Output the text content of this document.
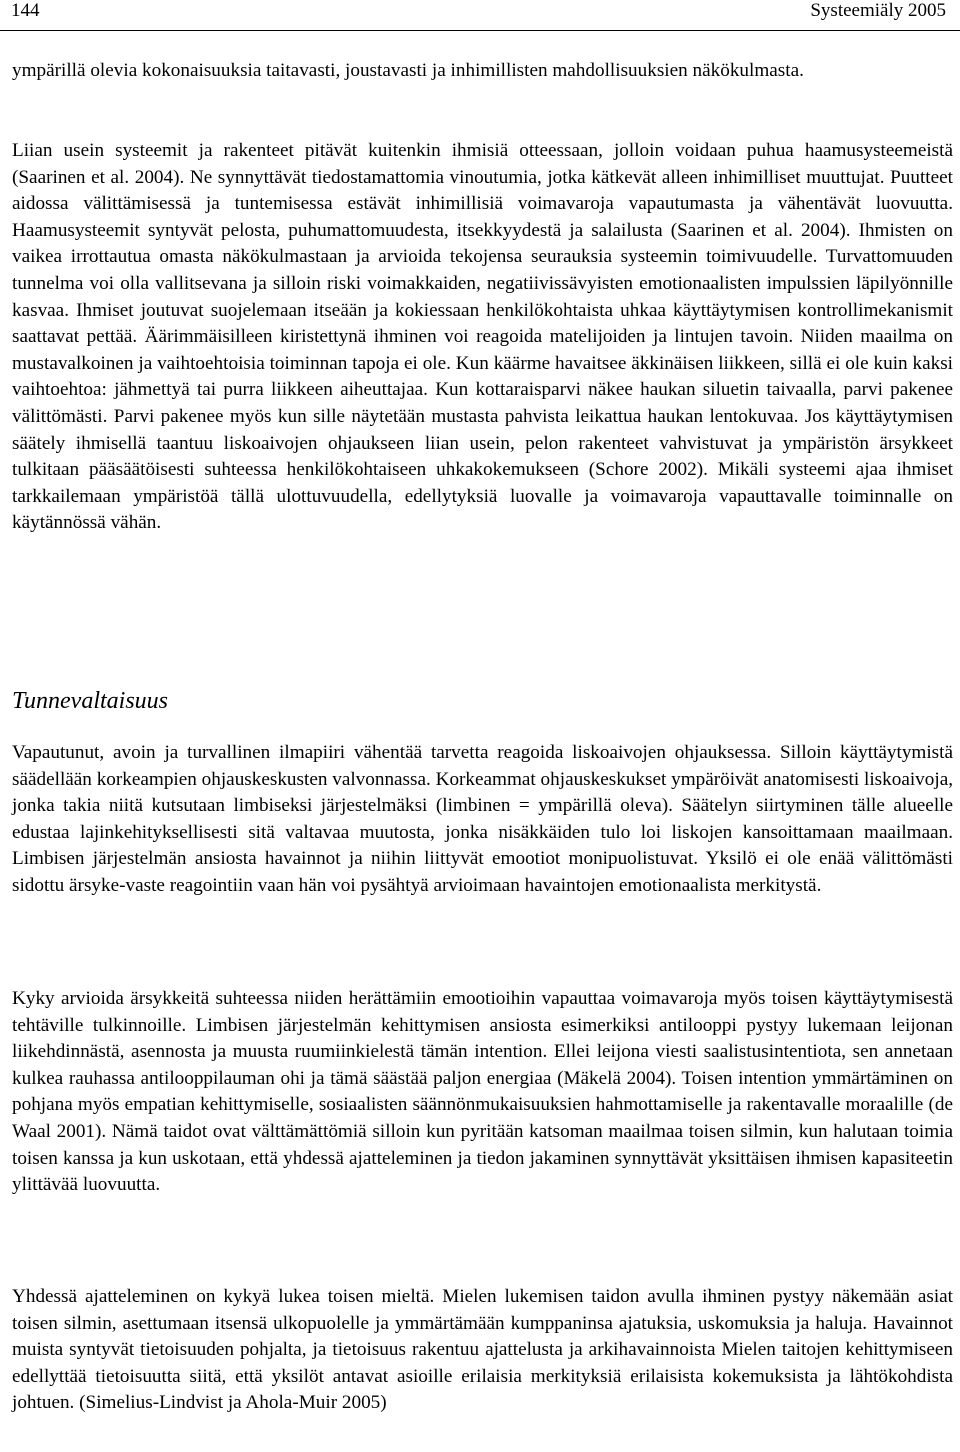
144	Systeemiäly 2005

ympärillä olevia kokonaisuuksia taitavasti, joustavasti ja inhimillisten mahdollisuuksien näkökulmasta.

Liian usein systeemit ja rakenteet pitävät kuitenkin ihmisiä otteessaan, jolloin voidaan puhua haamusysteemeistä (Saarinen et al. 2004). Ne synnyttävät tiedostamattomia vinoutumia, jotka kätkevät alleen inhimilliset muuttujat. Puutteet aidossa välittämisessä ja tuntemisessa estävät inhimillisiä voimavaroja vapautumasta ja vähentävät luovuutta. Haamusysteemit syntyvät pelosta, puhumattomuudesta, itsekkyydestä ja salailusta (Saarinen et al. 2004). Ihmisten on vaikea irrottautua omasta näkökulmastaan ja arvioida tekojensa seurauksia systeemin toimivuudelle. Turvattomuuden tunnelma voi olla vallitsevana ja silloin riski voimakkaiden, negatiivissävyisten emotionaalisten impulssien läpilyönnille kasvaa. Ihmiset joutuvat suojelemaan itseään ja kokiessaan henkilökohtaista uhkaa käyttäytymisen kontrollimekanismit saattavat pettää. Äärimmäisilleen kiristettynä ihminen voi reagoida matelijoiden ja lintujen tavoin. Niiden maailma on mustavalkoinen ja vaihtoehtoisia toiminnan tapoja ei ole. Kun käärme havaitsee äkkinäisen liikkeen, sillä ei ole kuin kaksi vaihtoehtoa: jähmettyä tai purra liikkeen aiheuttajaa. Kun kottaraisparvi näkee haukan siluetin taivaalla, parvi pakenee välittömästi. Parvi pakenee myös kun sille näytetään mustasta pahvista leikattua haukan lentokuvaa. Jos käyttäytymisen säätely ihmisellä taantuu liskoaivojen ohjaukseen liian usein, pelon rakenteet vahvistuvat ja ympäristön ärsykkeet tulkitaan pääsäätöisesti suhteessa henkilökohtaiseen uhkakokemukseen (Schore 2002). Mikäli systeemi ajaa ihmiset tarkkailemaan ympäristöä tällä ulottuvuudella, edellytyksiä luovalle ja voimavaroja vapauttavalle toiminnalle on käytännössä vähän.

Tunnevaltaisuus

Vapautunut, avoin ja turvallinen ilmapiiri vähentää tarvetta reagoida liskoaivojen ohjauksessa. Silloin käyttäytymistä säädellään korkeampien ohjauskeskusten valvonnassa. Korkeammat ohjauskeskukset ympäröivät anatomisesti liskoaivoja, jonka takia niitä kutsutaan limbiseksi järjestelmäksi (limbinen = ympärillä oleva). Säätelyn siirtyminen tälle alueelle edustaa lajinkehityksellisesti sitä valtavaa muutosta, jonka nisäkkäiden tulo loi liskojen kansoittamaan maailmaan. Limbisen järjestelmän ansiosta havainnot ja niihin liittyvät emootiot monipuolistuvat. Yksilö ei ole enää välittömästi sidottu ärsyke-vaste reagointiin vaan hän voi pysähtyä arvioimaan havaintojen emotionaalista merkitystä.

Kyky arvioida ärsykkeitä suhteessa niiden herättämiin emootioihin vapauttaa voimavaroja myös toisen käyttäytymisestä tehtäville tulkinnoille. Limbisen järjestelmän kehittymisen ansiosta esimerkiksi antilooppi pystyy lukemaan leijonan liikehdinnästä, asennosta ja muusta ruumiinkielestä tämän intention. Ellei leijona viesti saalistusintentiota, sen annetaan kulkea rauhassa antilooppilauman ohi ja tämä säästää paljon energiaa (Mäkelä 2004). Toisen intention ymmärtäminen on pohjana myös empatian kehittymiselle, sosiaalisten säännönmukaisuuksien hahmottamiselle ja rakentavalle moraalille (de Waal 2001). Nämä taidot ovat välttämättömiä silloin kun pyritään katsoman maailmaa toisen silmin, kun halutaan toimia toisen kanssa ja kun uskotaan, että yhdessä ajatteleminen ja tiedon jakaminen synnyttävät yksittäisen ihmisen kapasiteetin ylittävää luovuutta.

Yhdessä ajatteleminen on kykyä lukea toisen mieltä. Mielen lukemisen taidon avulla ihminen pystyy näkemään asiat toisen silmin, asettumaan itsensä ulkopuolelle ja ymmärtämään kumppaninsa ajatuksia, uskomuksia ja haluja. Havainnot muista syntyvät tietoisuuden pohjalta, ja tietoisuus rakentuu ajattelusta ja arkihavainnoista Mielen taitojen kehittymiseen edellyttää tietoisuutta siitä, että yksilöt antavat asioille erilaisia merkityksiä erilaisista kokemuksista ja lähtökohdista johtuen. (Simelius-Lindvist ja Ahola-Muir 2005)
